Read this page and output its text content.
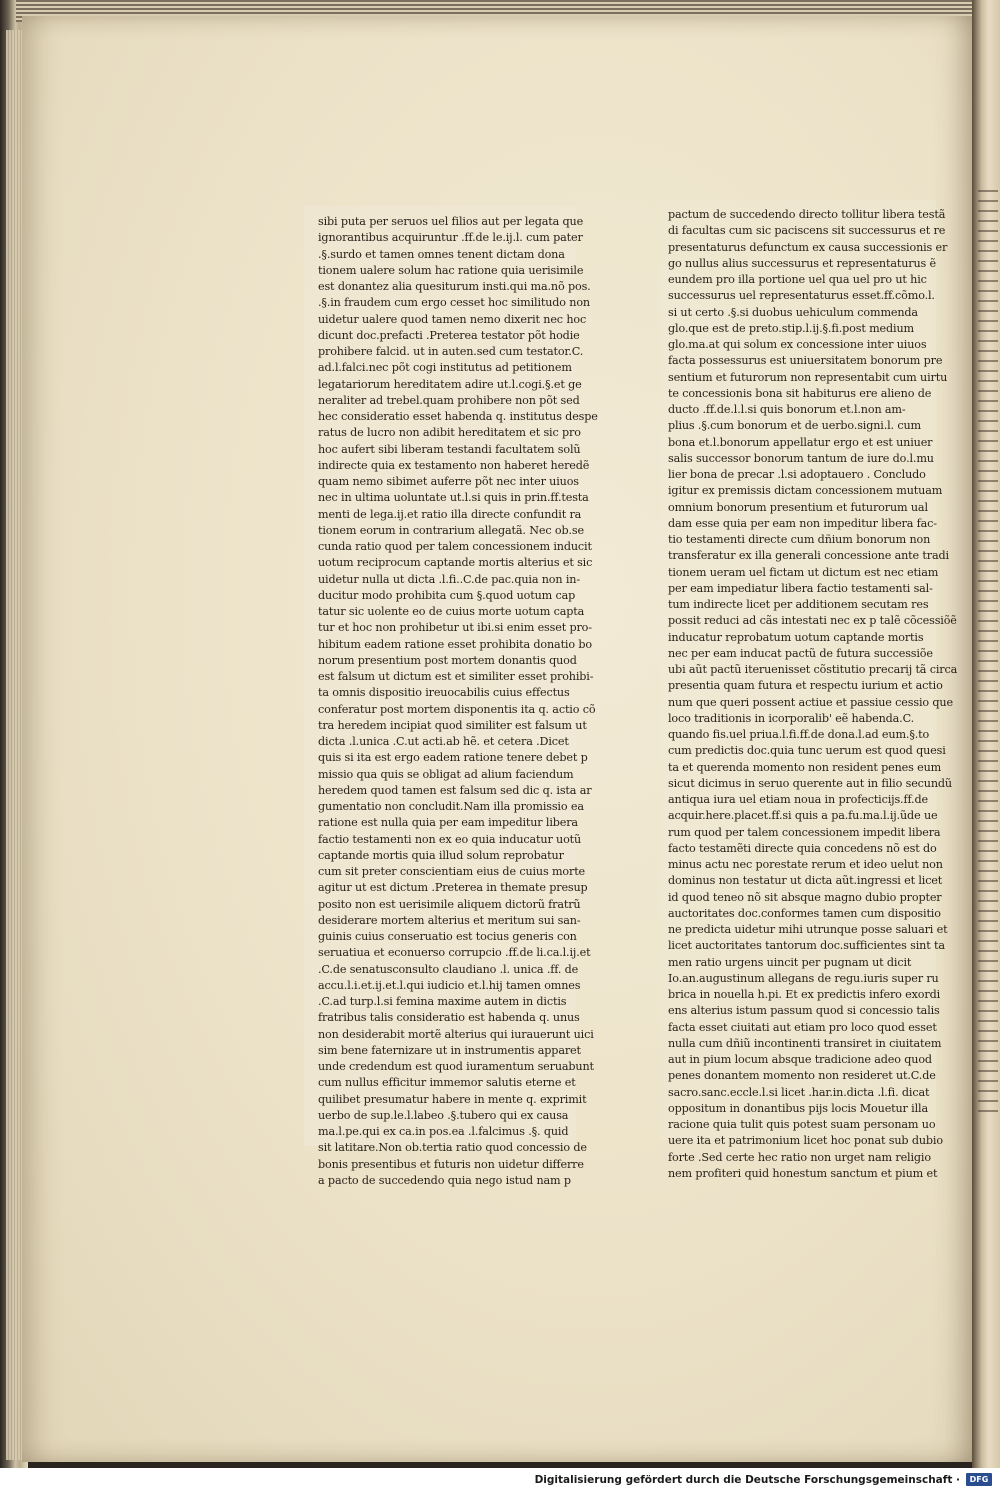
sibi puta per seruos uel filios aut per legata que
ignorantibus acquiruntur .ff.de le.ij.l. cum pater
.§.surdo et tamen omnes tenent dictam dona
tionem ualere solum hac ratione quia uerisimile
est donantez alia quesiturum insti.qui ma.nõ pos.
.§.in fraudem cum ergo cesset hoc similitudo non
uidetur ualere quod tamen nemo dixerit nec hoc
dicunt doc.prefacti .Preterea testator põt hodie
prohibere falcid. ut in auten.sed cum testator.C.
ad.l.falci.nec põt cogi institutus ad petitionem
legatariorum hereditatem adire ut.l.cogi.§.et ge
neraliter ad trebel.quam prohibere non põt sed
hec consideratio esset habenda q. institutus despe
ratus de lucro non adibit hereditatem et sic pro
hoc aufert sibi liberam testandi facultatem solũ
indirecte quia ex testamento non haberet heredẽ
quam nemo sibimet auferre põt nec inter uiuos
nec in ultima uoluntate ut.l.si quis in prin.ff.testa
menti de lega.ij.et ratio illa directe confundit ra
tionem eorum in contrarium allegatã. Nec ob.se
cunda ratio quod per talem concessionem inducit
uotum reciprocum captande mortis alterius et sic
uidetur nulla ut dicta .l.fi..C.de pac.quia non in-
ducitur modo prohibita cum §.quod uotum cap
tatur sic uolente eo de cuius morte uotum capta
tur et hoc non prohibetur ut ibi.si enim esset pro-
hibitum eadem ratione esset prohibita donatio bo
norum presentium post mortem donantis quod
est falsum ut dictum est et similiter esset prohibi-
ta omnis dispositio ireuocabilis cuius effectus
conferatur post mortem disponentis ita q. actio cõ
tra heredem incipiat quod similiter est falsum ut
dicta .l.unica .C.ut acti.ab hẽ. et cetera .Dicet
quis si ita est ergo eadem ratione tenere debet p
missio qua quis se obligat ad alium faciendum
heredem quod tamen est falsum sed dic q. ista ar
gumentatio non concludit.Nam illa promissio ea
ratione est nulla quia per eam impeditur libera
factio testamenti non ex eo quia inducatur uotũ
captande mortis quia illud solum reprobatur
cum sit preter conscientiam eius de cuius morte
agitur ut est dictum .Preterea in themate presup
posito non est uerisimile aliquem dictorũ fratrũ
desiderare mortem alterius et meritum sui san-
guinis cuius conseruatio est tocius generis con
seruatiua et econuerso corrupcio .ff.de li.ca.l.ij.et
.C.de senatusconsulto claudiano .l. unica .ff. de
accu.l.i.et.ij.et.l.qui iudicio et.l.hij tamen omnes
.C.ad turp.l.si femina maxime autem in dictis
fratribus talis consideratio est habenda q. unus
non desiderabit mortẽ alterius qui iurauerunt uici
sim bene faternizare ut in instrumentis apparet
unde credendum est quod iuramentum seruabunt
cum nullus efficitur immemor salutis eterne et
quilibet presumatur habere in mente q. exprimit
uerbo de sup.le.l.labeo .§.tubero qui ex causa
ma.l.pe.qui ex ca.in pos.ea .l.falcimus .§. quid
sit latitare.Non ob.tertia ratio quod concessio de
bonis presentibus et futuris non uidetur differre
a pacto de succedendo quia nego istud nam p
pactum de succedendo directo tollitur libera testã
di facultas cum sic paciscens sit successurus et re
presentaturus defunctum ex causa successionis er
go nullus alius successurus et representaturus ẽ
eundem pro illa portione uel qua uel pro ut hic
successurus uel representaturus esset.ff.cõmo.l.
si ut certo .§.si duobus uehiculum commenda
glo.que est de preto.stip.l.ij.§.fi.post medium
glo.ma.at qui solum ex concessione inter uiuos
facta possessurus est uniuersitatem bonorum pre
sentium et futurorum non representabit cum uirtu
te concessionis bona sit habiturus ere alieno de
ducto .ff.de.l.l.si quis bonorum et.l.non am-
plius .§.cum bonorum et de uerbo.signi.l. cum
bona et.l.bonorum appellatur ergo et est uniuer
salis successor bonorum tantum de iure do.l.mu
lier bona de precar .l.si adoptauero . Concludo
igitur ex premissis dictam concessionem mutuam
omnium bonorum presentium et futurorum ual
dam esse quia per eam non impeditur libera fac-
tio testamenti directe cum dñium bonorum non
transferatur ex illa generali concessione ante tradi
tionem ueram uel fictam ut dictum est nec etiam
per eam impediatur libera factio testamenti sal-
tum indirecte licet per additionem secutam res
possit reduci ad cãs intestati nec ex p talẽ cõcessiõẽ
inducatur reprobatum uotum captande mortis
nec per eam inducat pactũ de futura successiõe
ubi aũt pactũ iteruenisset cõstitutio precarij tã circa
presentia quam futura et respectu iurium et actio
num que queri possent actiue et passiue cessio que
loco traditionis in icorporalib' eẽ habenda.C.
quando fis.uel priua.l.fi.ff.de dona.l.ad eum.§.to
cum predictis doc.quia tunc uerum est quod quesi
ta et querenda momento non resident penes eum
sicut dicimus in seruo querente aut in filio secundũ
antiqua iura uel etiam noua in profecticijs.ff.de
acquir.here.placet.ff.si quis a pa.fu.ma.l.ij.ũde ue
rum quod per talem concessionem impedit libera
facto testamẽti directe quia concedens nõ est do
minus actu nec porestate rerum et ideo uelut non
dominus non testatur ut dicta aũt.ingressi et licet
id quod teneo nõ sit absque magno dubio propter
auctoritates doc.conformes tamen cum dispositio
ne predicta uidetur mihi utrunque posse saluari et
licet auctoritates tantorum doc.sufficientes sint ta
men ratio urgens uincit per pugnam ut dicit
Io.an.augustinum allegans de regu.iuris super ru
brica in nouella h.pi. Et ex predictis infero exordi
ens alterius istum passum quod si concessio talis
facta esset ciuitati aut etiam pro loco quod esset
nulla cum dñiũ incontinenti transiret in ciuitatem
aut in pium locum absque tradicione adeo quod
penes donantem momento non resideret ut.C.de
sacro.sanc.eccle.l.si licet .har.in.dicta .l.fi. dicat
oppositum in donantibus pijs locis Mouetur illa
racione quia tulit quis potest suam personam uo
uere ita et patrimonium licet hoc ponat sub dubio
forte .Sed certe hec ratio non urget nam religio
nem profiteri quid honestum sanctum et pium et
Digitalisierung gefördert durch die Deutsche Forschungsgemeinschaft ·	DFG
